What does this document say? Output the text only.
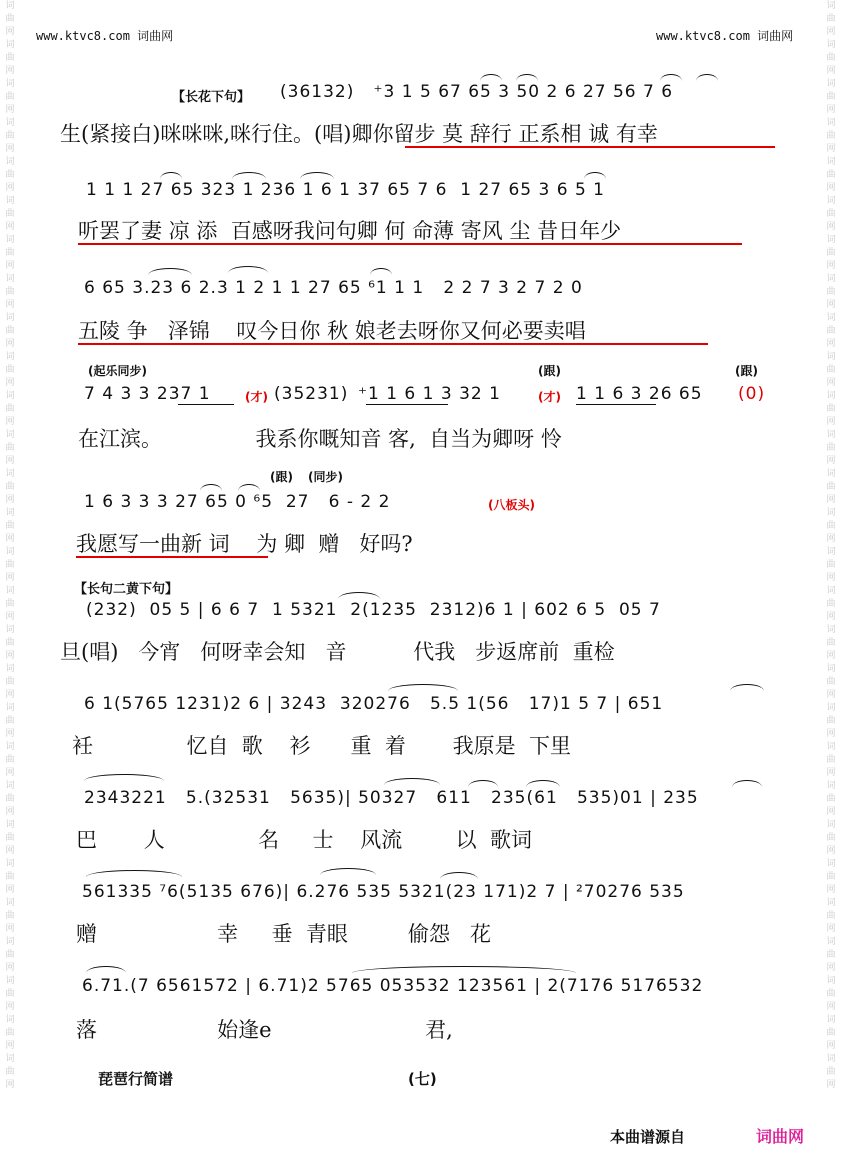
词曲网词曲网词曲网词曲网词曲网词曲网词曲网词曲网词曲网词曲网词曲网词曲网词曲网词曲网词曲网词曲网词曲网词曲网词曲网词曲网词曲网词曲网词曲网词曲网词曲网词曲网词曲网词曲网
词曲网词曲网词曲网词曲网词曲网词曲网词曲网词曲网词曲网词曲网词曲网词曲网词曲网词曲网词曲网词曲网词曲网词曲网词曲网词曲网词曲网词曲网词曲网词曲网词曲网词曲网词曲网词曲网
www.ktvc8.com 词曲网	www.ktvc8.com 词曲网
【长花下句】 (36132)   ⁺3 1 5 67 65 3 50 2 6 27 56 7 6
生(紧接白)咪咪咪,咪行住。(唱)卿你留步 莫 辞行 正系相 诚 有幸
1 1 1 27 65 323 1 236 1 6 1 37 65 7 6  1 27 65 3 6 5 1
听罢了妻 凉 添  百感呀我问句卿 何 命薄 寄风 尘 昔日年少
6 65 3.23 6 2.3 1 2 1 1 27 65 ⁶1 1 1   2 2 7 3 2 7 2 0
五陵 争   泽锦    叹今日你 秋 娘老去呀你又何必要卖唱
(起乐同步)	(跟)	(跟)
7 4 3 3 237 1	(才) (35231) ⁺1 1 6 1 3 32 1	(才) 1 1 6 3 26 65 (0)
在江滨。              我系你嘅知音 客,  自当为卿呀 怜
(跟) (同步)
1 6 3 3 3 27 65 0 ⁶5  27   6 - 2 2	(八板头)
我愿写一曲新 词    为 卿  赠   好吗?
【长句二黄下句】
(232)  05 5 | 6 6 7  1 5321  2(1235  2312)6 1 | 602 6 5  05 7
旦(唱)   今宵   何呀幸会知   音          代我   步返席前  重检
6 1(5765 1231)2 6 | 3243  320276   5.5 1(56   17)1 5 7 | 651
衽              忆自  歌    衫      重  着       我原是  下里
2343221   5.(32531   5635)| 50327   611   235(61   535)01 | 235
巴       人              名     士    风流        以  歌词
561335 ⁷6(5135 676)| 6.276 535 5321(23 171)2 7 | ²70276 535
赠                  幸     垂  青眼         偷怨   花
6.71.(7 6561572 | 6.71)2 5765 053532 123561 | 2(7176 5176532
落                  始逢e                       君,
琵琶行简谱	(七)
本曲谱源自	词曲网
